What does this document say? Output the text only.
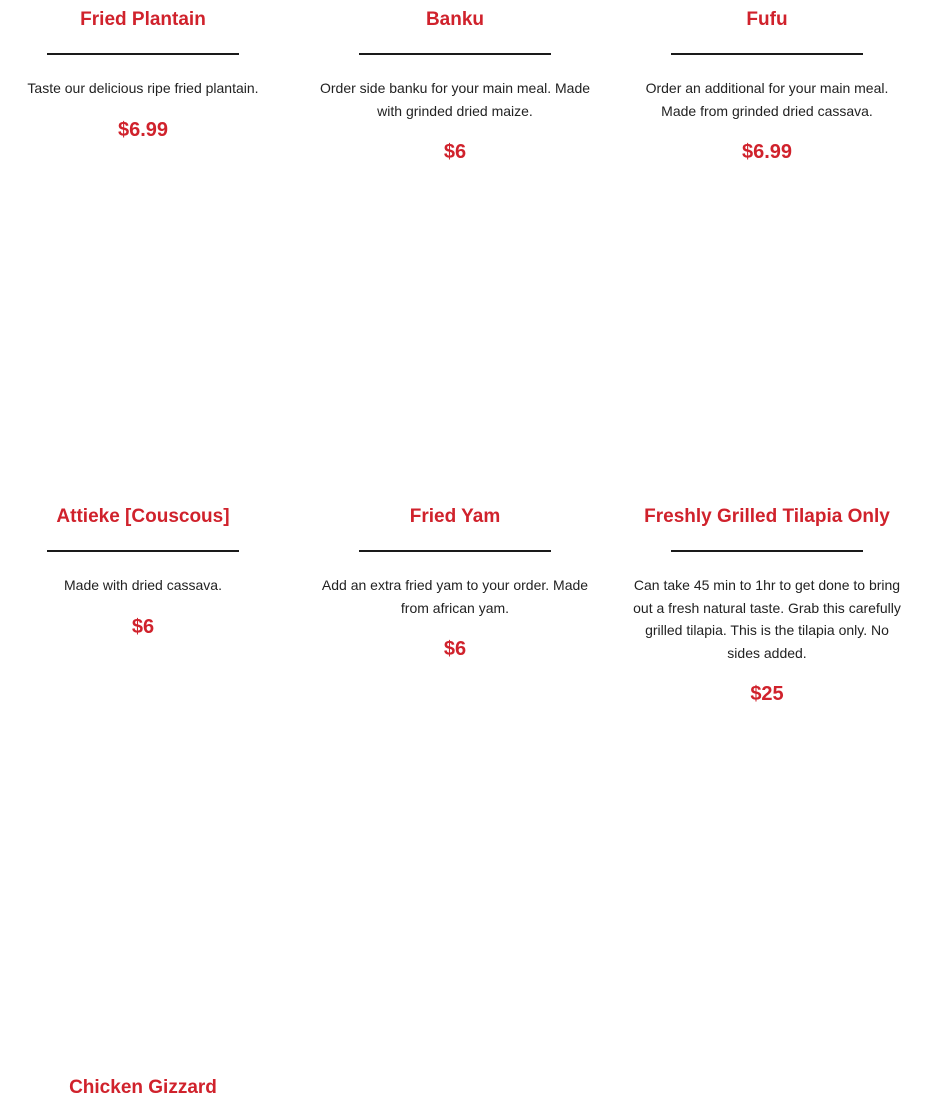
Fried Plantain

Taste our delicious ripe fried plantain.

$6.99
Banku

Order side banku for your main meal. Made with grinded dried maize.

$6
Fufu

Order an additional for your main meal. Made from grinded dried cassava.

$6.99
Attieke [Couscous]

Made with dried cassava.

$6
Fried Yam

Add an extra fried yam to your order. Made from african yam.

$6
Freshly Grilled Tilapia Only

Can take 45 min to 1hr to get done to bring out a fresh natural taste. Grab this carefully grilled tilapia. This is the tilapia only. No sides added.

$25
Chicken Gizzard
